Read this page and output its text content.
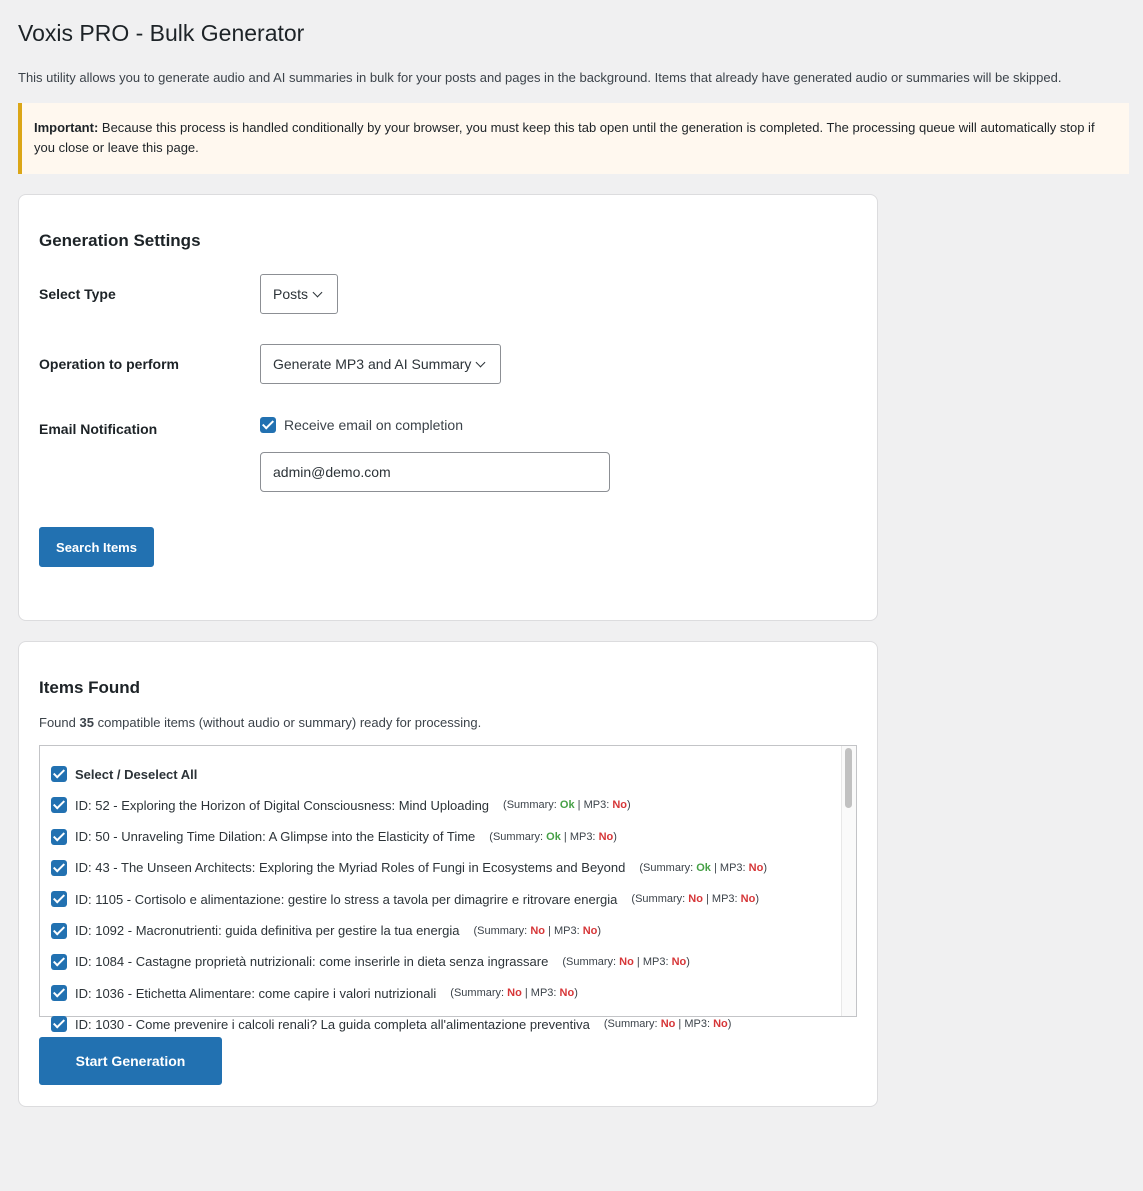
Voxis PRO - Bulk Generator

This utility allows you to generate audio and AI summaries in bulk for your posts and pages in the background. Items that already have generated audio or summaries will be skipped.

Important: Because this process is handled conditionally by your browser, you must keep this tab open until the generation is completed. The processing queue will automatically stop if you close or leave this page.
Generation Settings
Select Type	Posts
Operation to perform	Generate MP3 and AI Summary
Email Notification	Receive email on completion
admin@demo.com
Search Items
Items Found
Found 35 compatible items (without audio or summary) ready for processing.
Select / Deselect All
ID: 52 - Exploring the Horizon of Digital Consciousness: Mind Uploading (Summary: Ok | MP3: No)
ID: 50 - Unraveling Time Dilation: A Glimpse into the Elasticity of Time (Summary: Ok | MP3: No)
ID: 43 - The Unseen Architects: Exploring the Myriad Roles of Fungi in Ecosystems and Beyond (Summary: Ok | MP3: No)
ID: 1105 - Cortisolo e alimentazione: gestire lo stress a tavola per dimagrire e ritrovare energia (Summary: No | MP3: No)
ID: 1092 - Macronutrienti: guida definitiva per gestire la tua energia (Summary: No | MP3: No)
ID: 1084 - Castagne proprietà nutrizionali: come inserirle in dieta senza ingrassare (Summary: No | MP3: No)
ID: 1036 - Etichetta Alimentare: come capire i valori nutrizionali (Summary: No | MP3: No)
ID: 1030 - Come prevenire i calcoli renali? La guida completa all'alimentazione preventiva (Summary: No | MP3: No)
Start Generation
